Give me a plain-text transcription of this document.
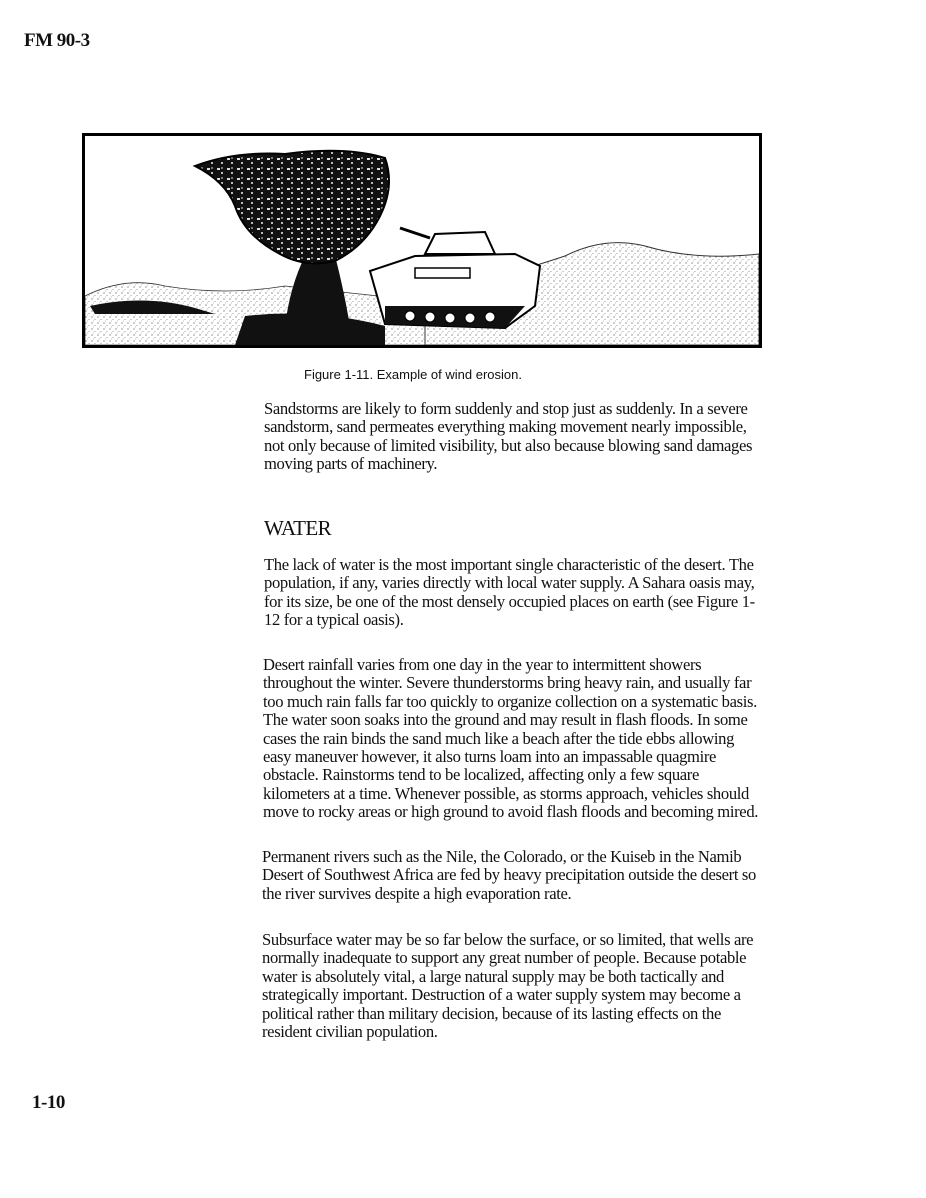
FM 90-3
Figure 1-11. Example of wind erosion.

Sandstorms are likely to form suddenly and stop just as suddenly. In a severe sandstorm, sand permeates everything making movement nearly impossible, not only because of limited visibility, but also because blowing sand damages moving parts of machinery.

WATER

The lack of water is the most important single characteristic of the desert. The population, if any, varies directly with local water supply. A Sahara oasis may, for its size, be one of the most densely occupied places on earth (see Figure 1-12 for a typical oasis).

Desert rainfall varies from one day in the year to intermittent showers throughout the winter. Severe thunderstorms bring heavy rain, and usually far too much rain falls far too quickly to organize collection on a systematic basis. The water soon soaks into the ground and may result in flash floods. In some cases the rain binds the sand much like a beach after the tide ebbs allowing easy maneuver however, it also turns loam into an impassable quagmire obstacle. Rainstorms tend to be localized, affecting only a few square kilometers at a time. Whenever possible, as storms approach, vehicles should move to rocky areas or high ground to avoid flash floods and becoming mired.

Permanent rivers such as the Nile, the Colorado, or the Kuiseb in the Namib Desert of Southwest Africa are fed by heavy precipitation outside the desert so the river survives despite a high evaporation rate.

Subsurface water may be so far below the surface, or so limited, that wells are normally inadequate to support any great number of people. Because potable water is absolutely vital, a large natural supply may be both tactically and strategically important. Destruction of a water supply system may become a political rather than military decision, because of its lasting effects on the resident civilian population.

1-10
